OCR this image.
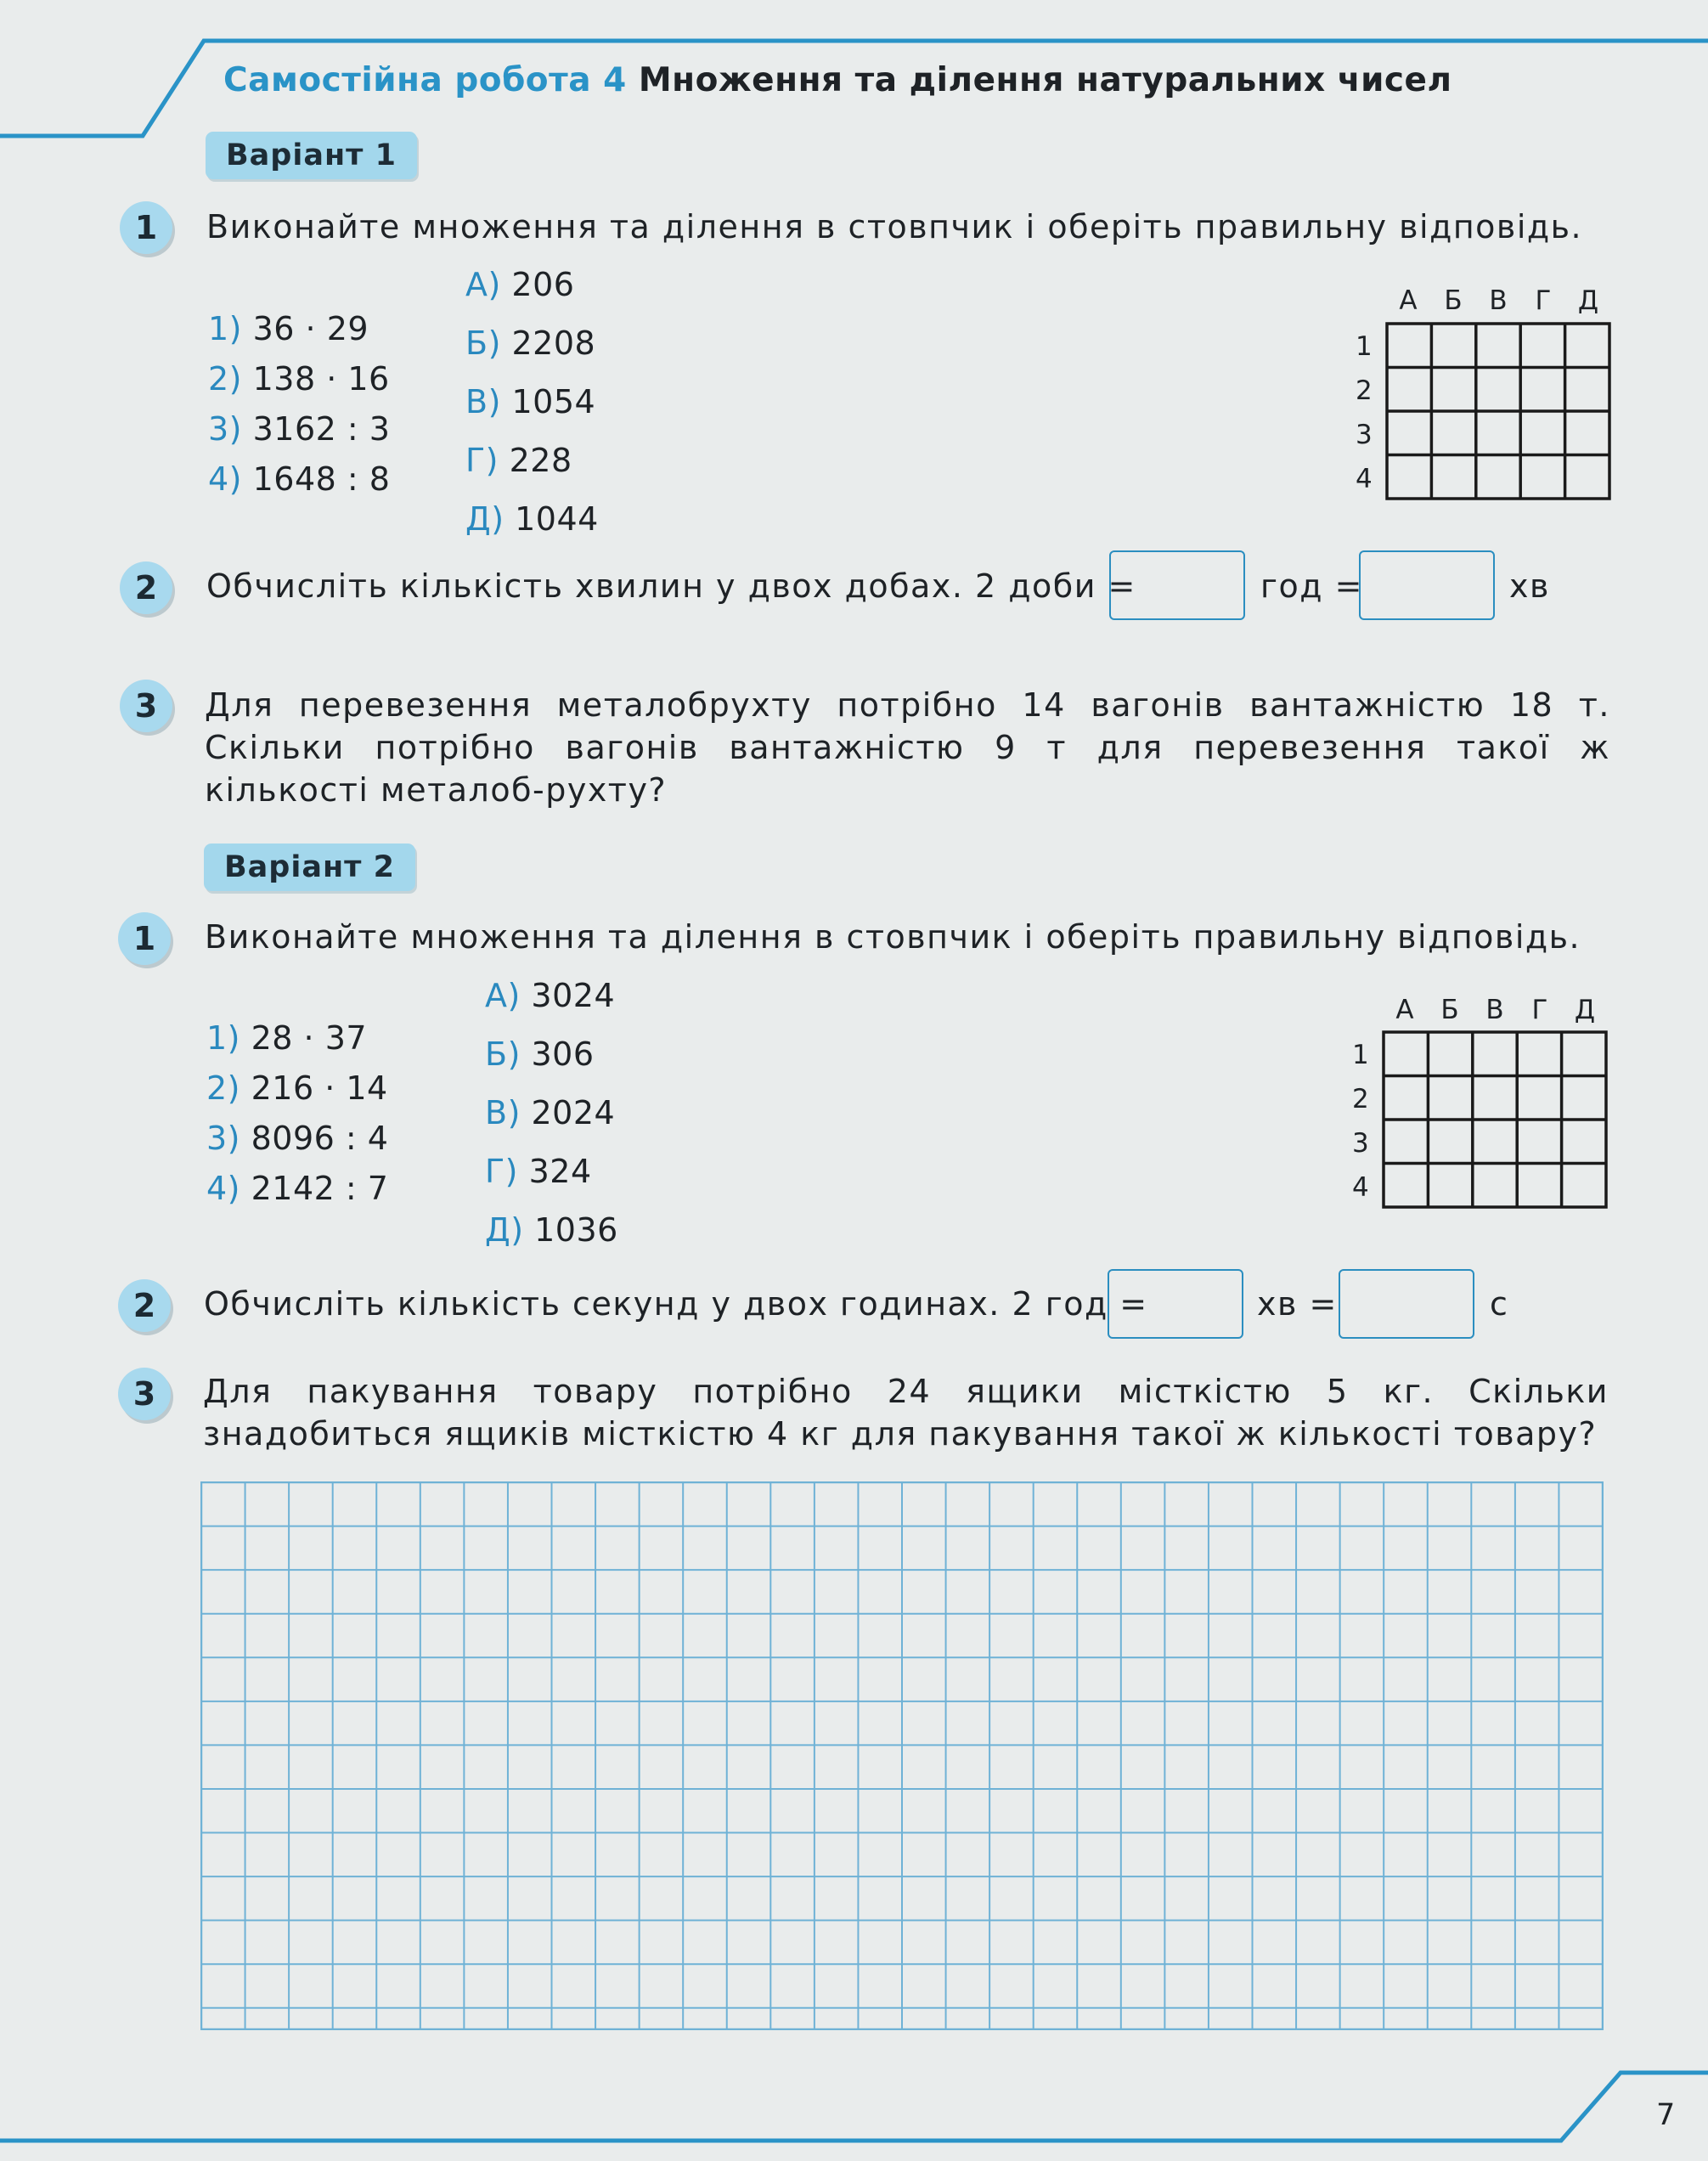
Самостійна робота 4 Множення та ділення натуральних чисел
Варіант 1
1	Виконайте множення та ділення в стовпчик і оберіть правильну відповідь.
1) 36 · 29
2) 138 · 16
3) 3162 : 3
4) 1648 : 8
А) 206
Б) 2208
В) 1054
Г) 228
Д) 1044
А	Б	В	Г	Д
1
2
3
4
2	Обчисліть кількість хвилин у двох добах. 2 доби =	год =	хв
3	Для перевезення металобрухту потрібно 14 вагонів вантажністю 18 т. Скільки потрібно вагонів вантажністю 9 т для перевезення такої ж кількості металоб-рухту?
Варіант 2
1	Виконайте множення та ділення в стовпчик і оберіть правильну відповідь.
1) 28 · 37
2) 216 · 14
3) 8096 : 4
4) 2142 : 7
А) 3024
Б) 306
В) 2024
Г) 324
Д) 1036
А	Б	В	Г	Д
1
2
3
4
2	Обчисліть кількість секунд у двох годинах. 2 год =	хв =	с
3	Для пакування товару потрібно 24 ящики місткістю 5 кг. Скільки знадобиться ящиків місткістю 4 кг для пакування такої ж кількості товару?
7
